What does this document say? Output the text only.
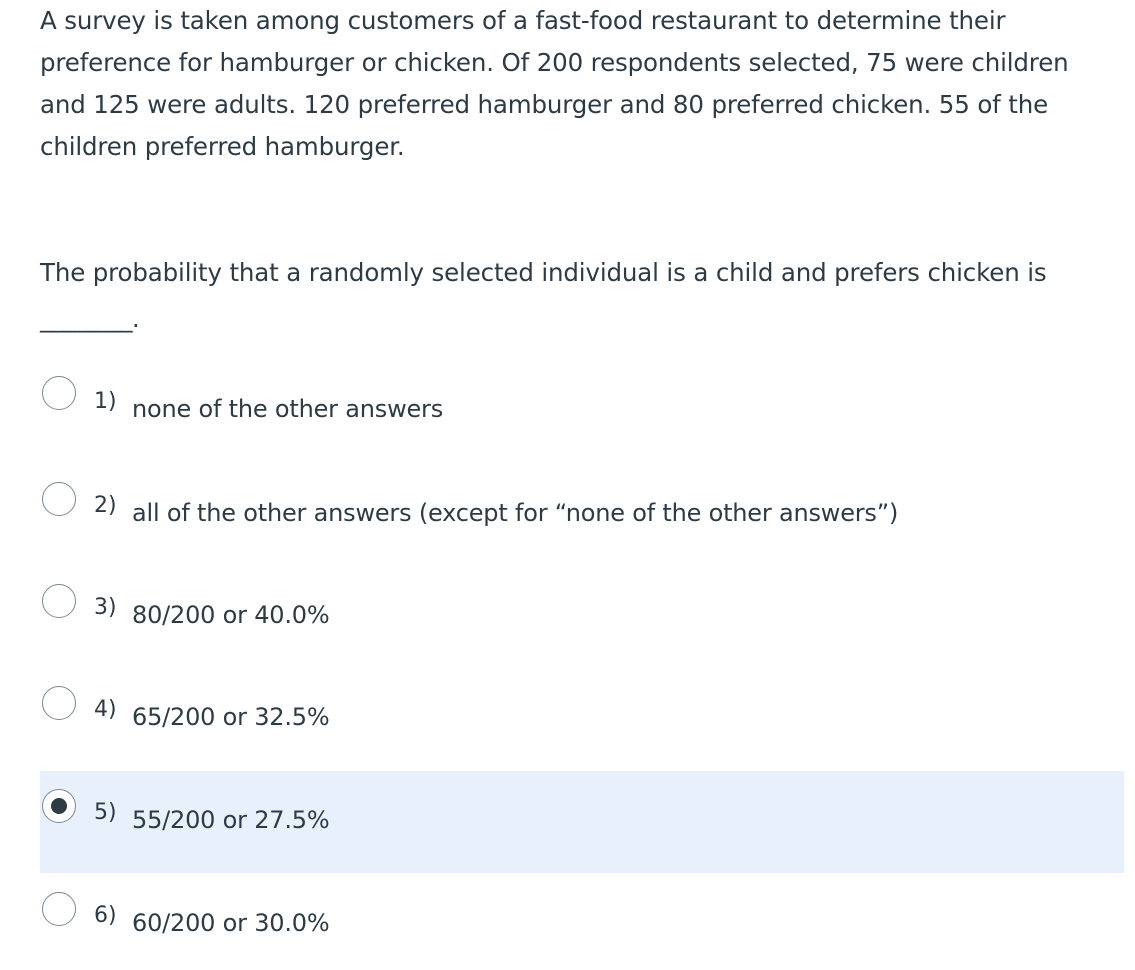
A survey is taken among customers of a fast-food restaurant to determine their

preference for hamburger or chicken. Of 200 respondents selected, 75 were children

and 125 were adults. 120 preferred hamburger and 80 preferred chicken. 55 of the

children preferred hamburger.

The probability that a randomly selected individual is a child and prefers chicken is

________.
1) none of the other answers
2) all of the other answers (except for “none of the other answers”)
3) 80/200 or 40.0%
4) 65/200 or 32.5%
5) 55/200 or 27.5%
6) 60/200 or 30.0%
